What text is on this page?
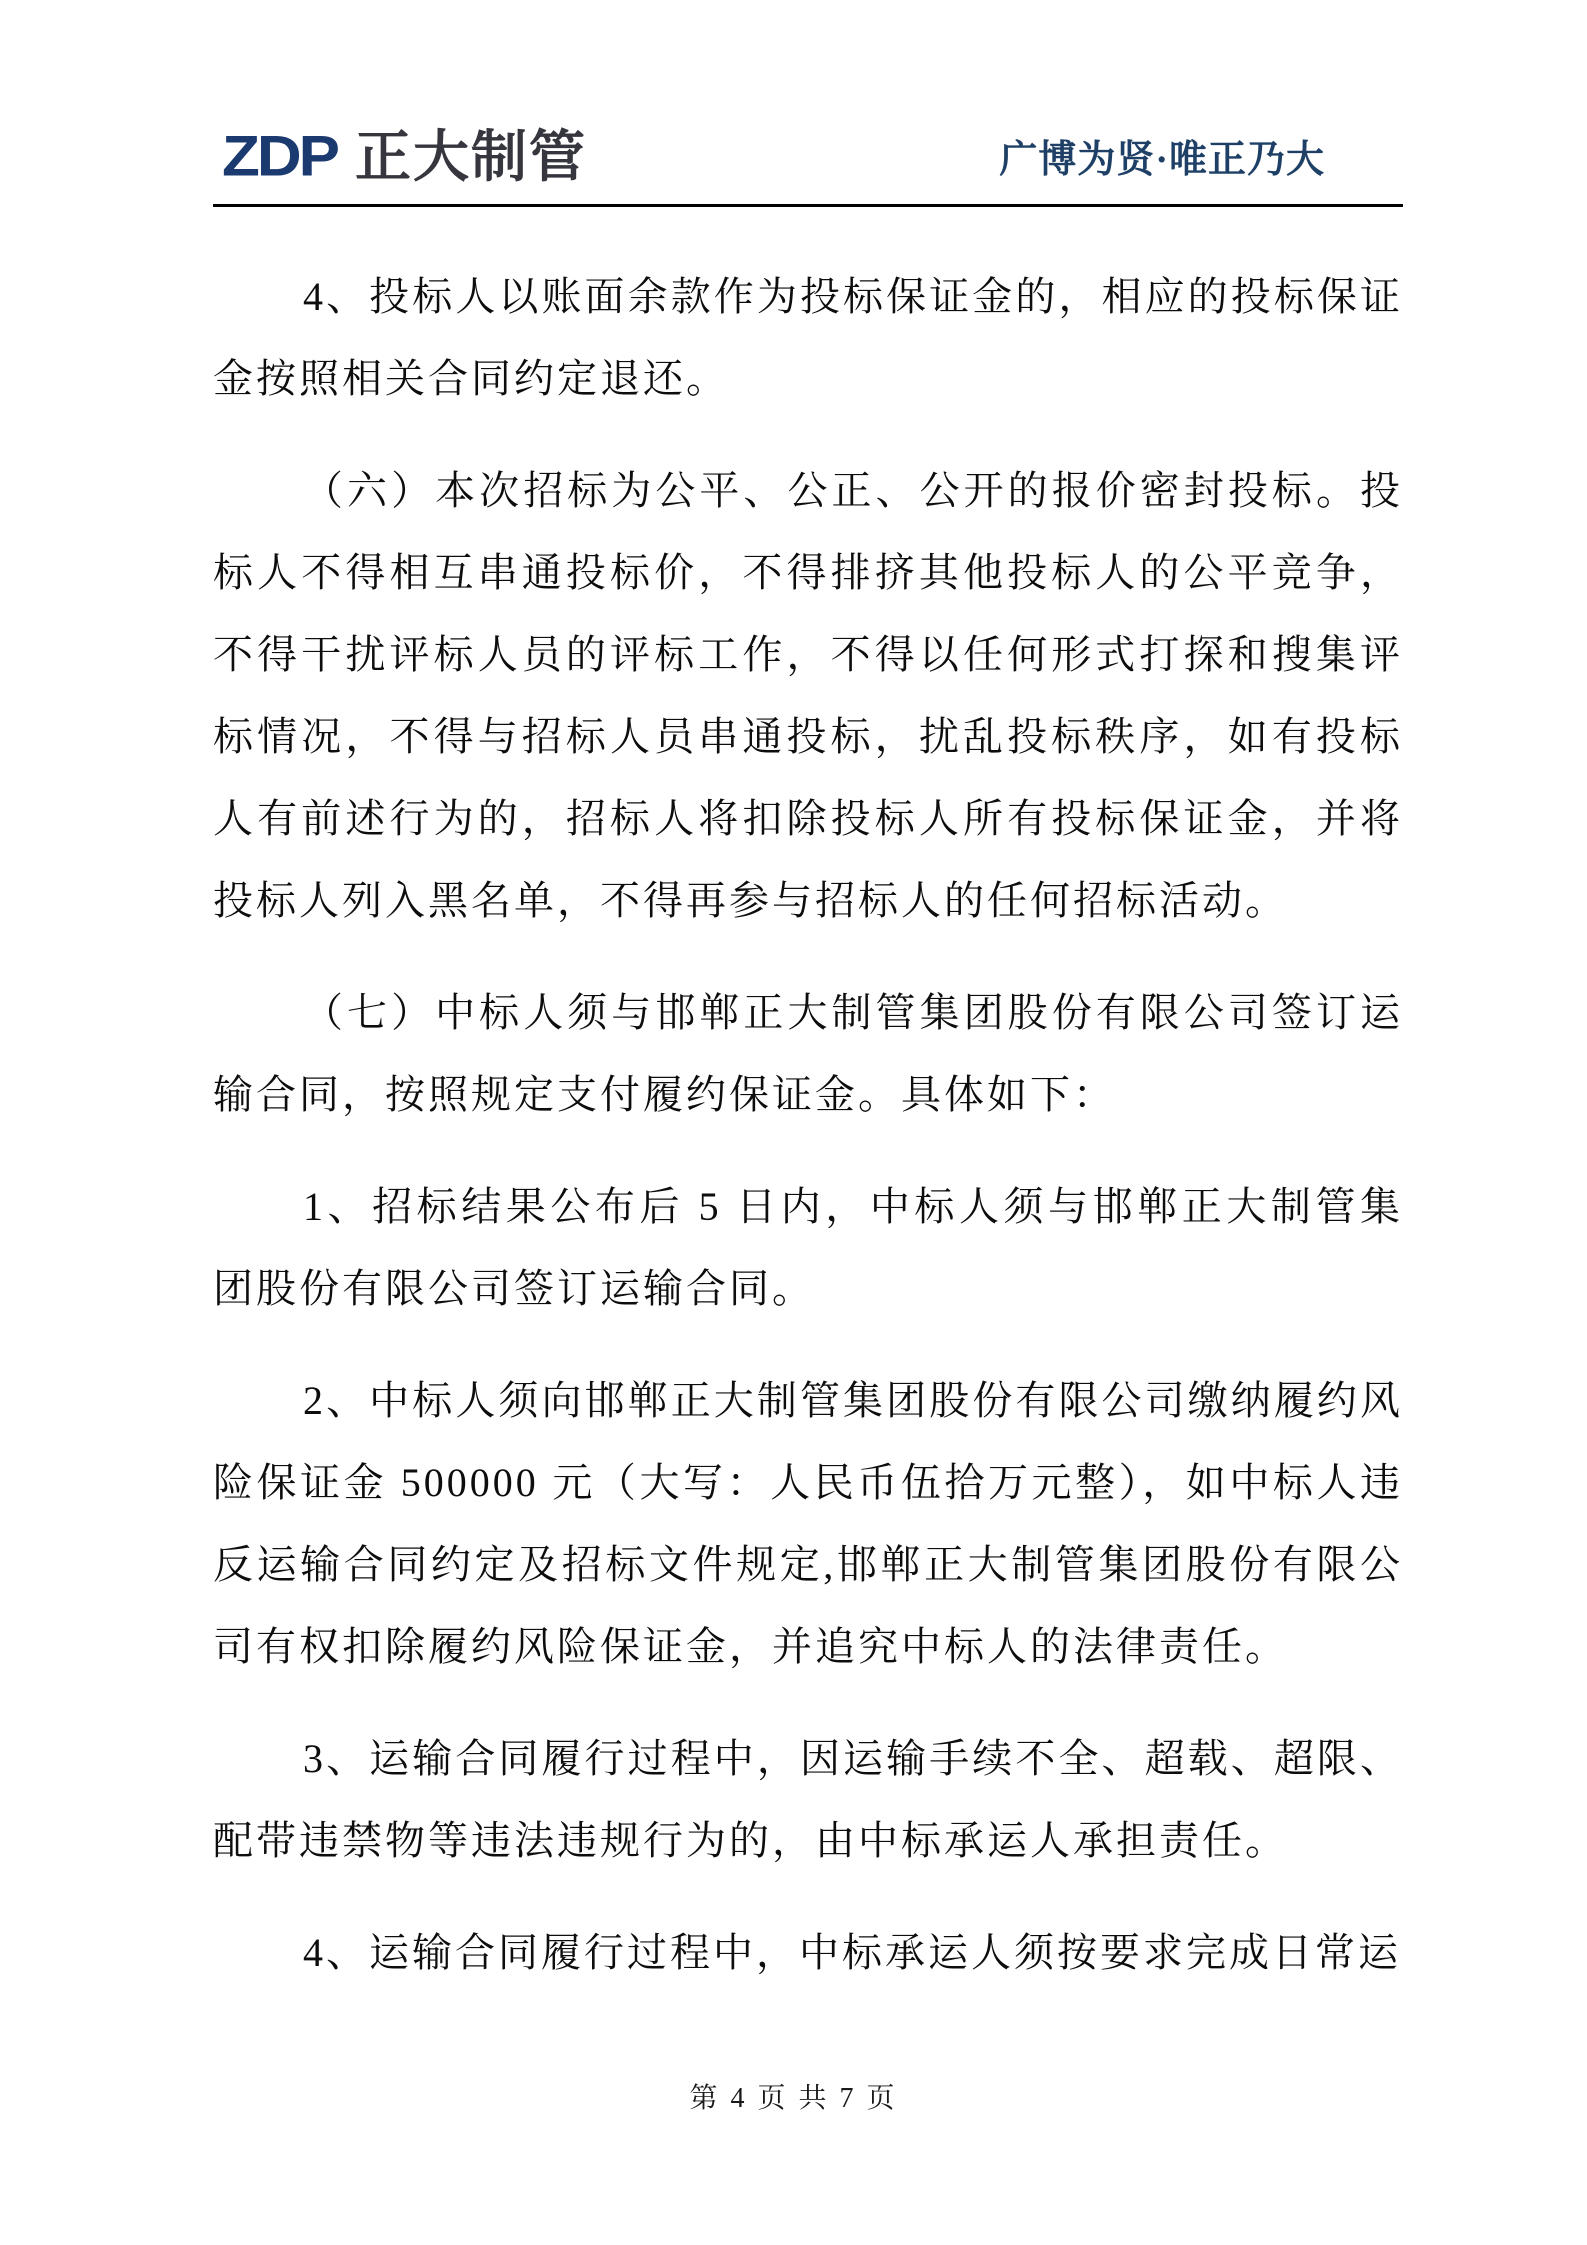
ZDP 正大制管	广博为贤·唯正乃大

4、投标人以账面余款作为投标保证金的，相应的投标保证金按照相关合同约定退还。

（六）本次招标为公平、公正、公开的报价密封投标。投标人不得相互串通投标价，不得排挤其他投标人的公平竞争，不得干扰评标人员的评标工作，不得以任何形式打探和搜集评标情况，不得与招标人员串通投标，扰乱投标秩序，如有投标人有前述行为的，招标人将扣除投标人所有投标保证金，并将投标人列入黑名单，不得再参与招标人的任何招标活动。

（七）中标人须与邯郸正大制管集团股份有限公司签订运输合同，按照规定支付履约保证金。具体如下：

1、招标结果公布后 5 日内，中标人须与邯郸正大制管集团股份有限公司签订运输合同。

2、中标人须向邯郸正大制管集团股份有限公司缴纳履约风险保证金 500000 元（大写：人民币伍拾万元整），如中标人违反运输合同约定及招标文件规定,邯郸正大制管集团股份有限公司有权扣除履约风险保证金，并追究中标人的法律责任。

3、运输合同履行过程中，因运输手续不全、超载、超限、配带违禁物等违法违规行为的，由中标承运人承担责任。

4、运输合同履行过程中，中标承运人须按要求完成日常运

第 4 页 共 7 页
